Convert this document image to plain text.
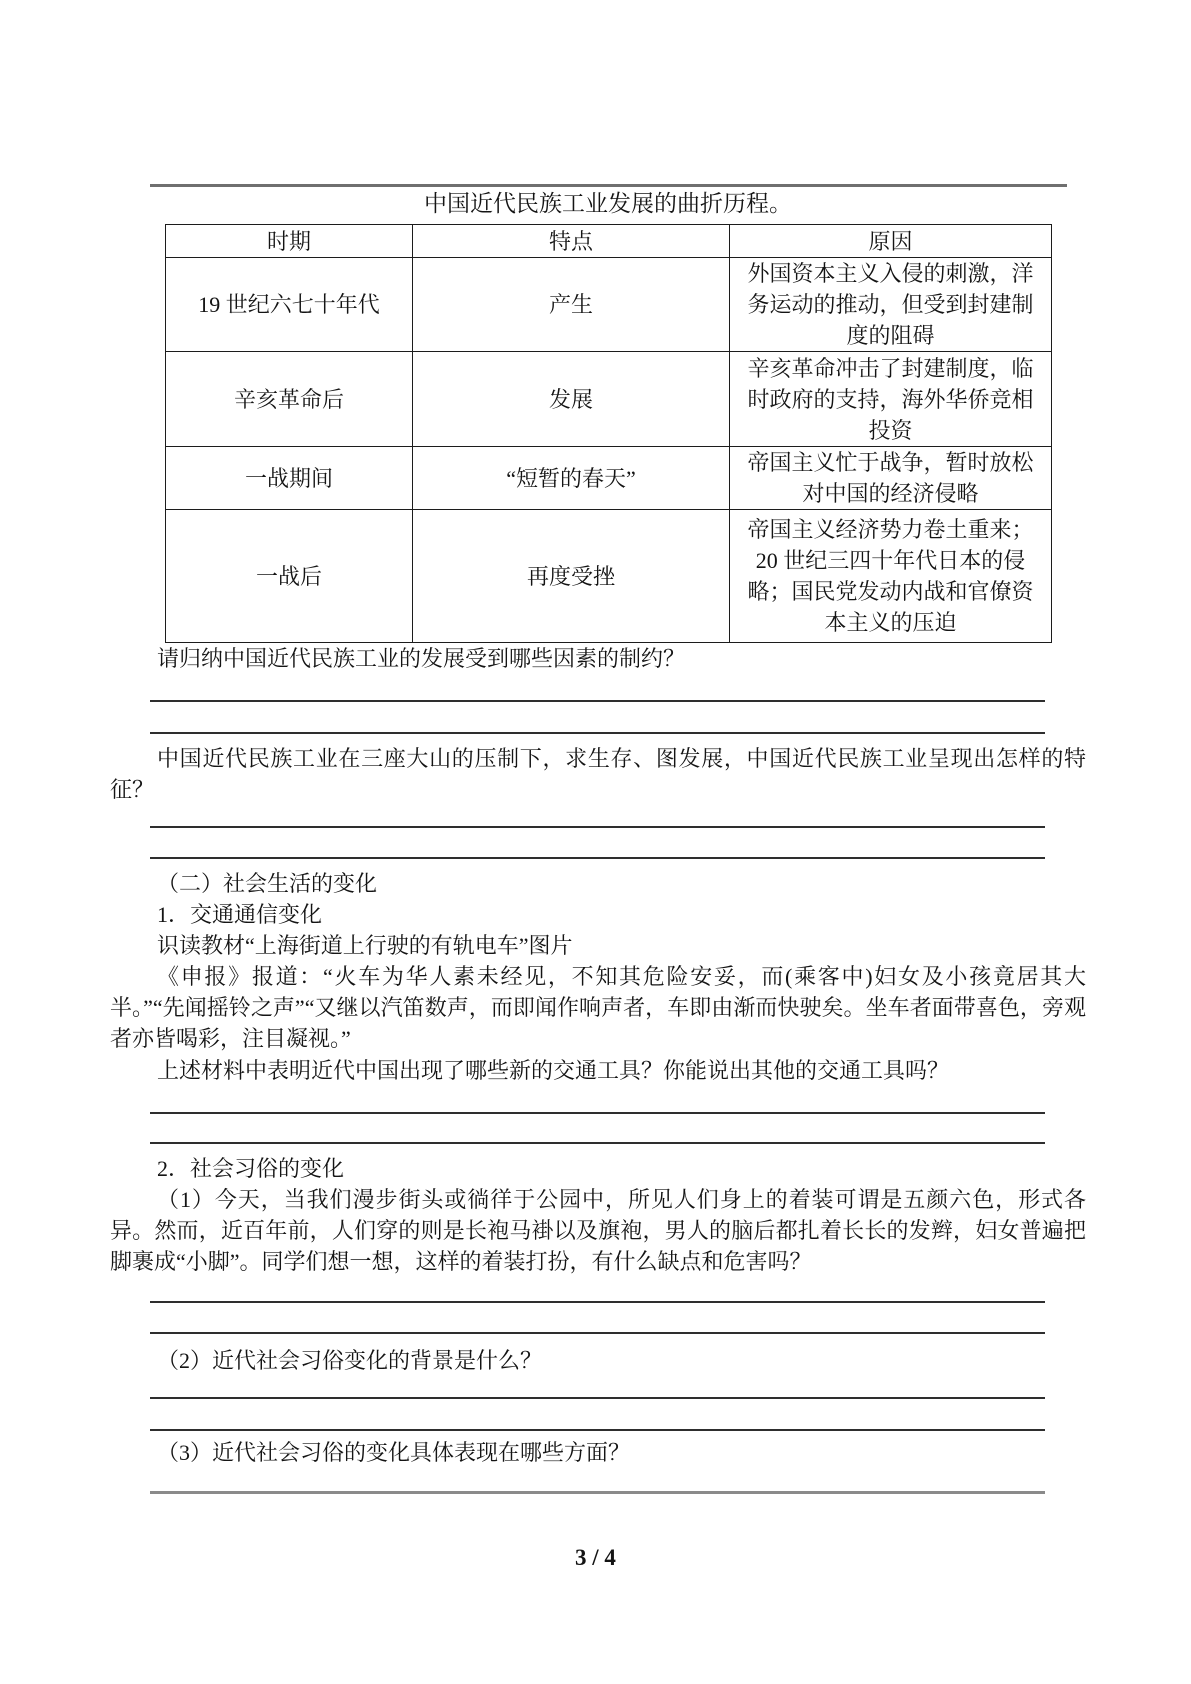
中国近代民族工业发展的曲折历程。
时期	特点	原因
19 世纪六七十年代	产生	外国资本主义入侵的刺激，洋务运动的推动，但受到封建制度的阻碍
辛亥革命后	发展	辛亥革命冲击了封建制度，临时政府的支持，海外华侨竞相投资
一战期间	“短暂的春天”	帝国主义忙于战争，暂时放松对中国的经济侵略
一战后	再度受挫	帝国主义经济势力卷土重来；20 世纪三四十年代日本的侵略；国民党发动内战和官僚资本主义的压迫
请归纳中国近代民族工业的发展受到哪些因素的制约？
中国近代民族工业在三座大山的压制下，求生存、图发展，中国近代民族工业呈现出怎样的特征？
（二）社会生活的变化
1．交通通信变化
识读教材“上海街道上行驶的有轨电车”图片
《申报》报道：“火车为华人素未经见，不知其危险安妥，而(乘客中)妇女及小孩竟居其大半。”“先闻摇铃之声”“又继以汽笛数声，而即闻作响声者，车即由渐而快驶矣。坐车者面带喜色，旁观者亦皆喝彩，注目凝视。”
上述材料中表明近代中国出现了哪些新的交通工具？你能说出其他的交通工具吗？
2．社会习俗的变化
（1）今天，当我们漫步街头或徜徉于公园中，所见人们身上的着装可谓是五颜六色，形式各异。然而，近百年前，人们穿的则是长袍马褂以及旗袍，男人的脑后都扎着长长的发辫，妇女普遍把脚裹成“小脚”。同学们想一想，这样的着装打扮，有什么缺点和危害吗？
（2）近代社会习俗变化的背景是什么？
（3）近代社会习俗的变化具体表现在哪些方面？
3 / 4
